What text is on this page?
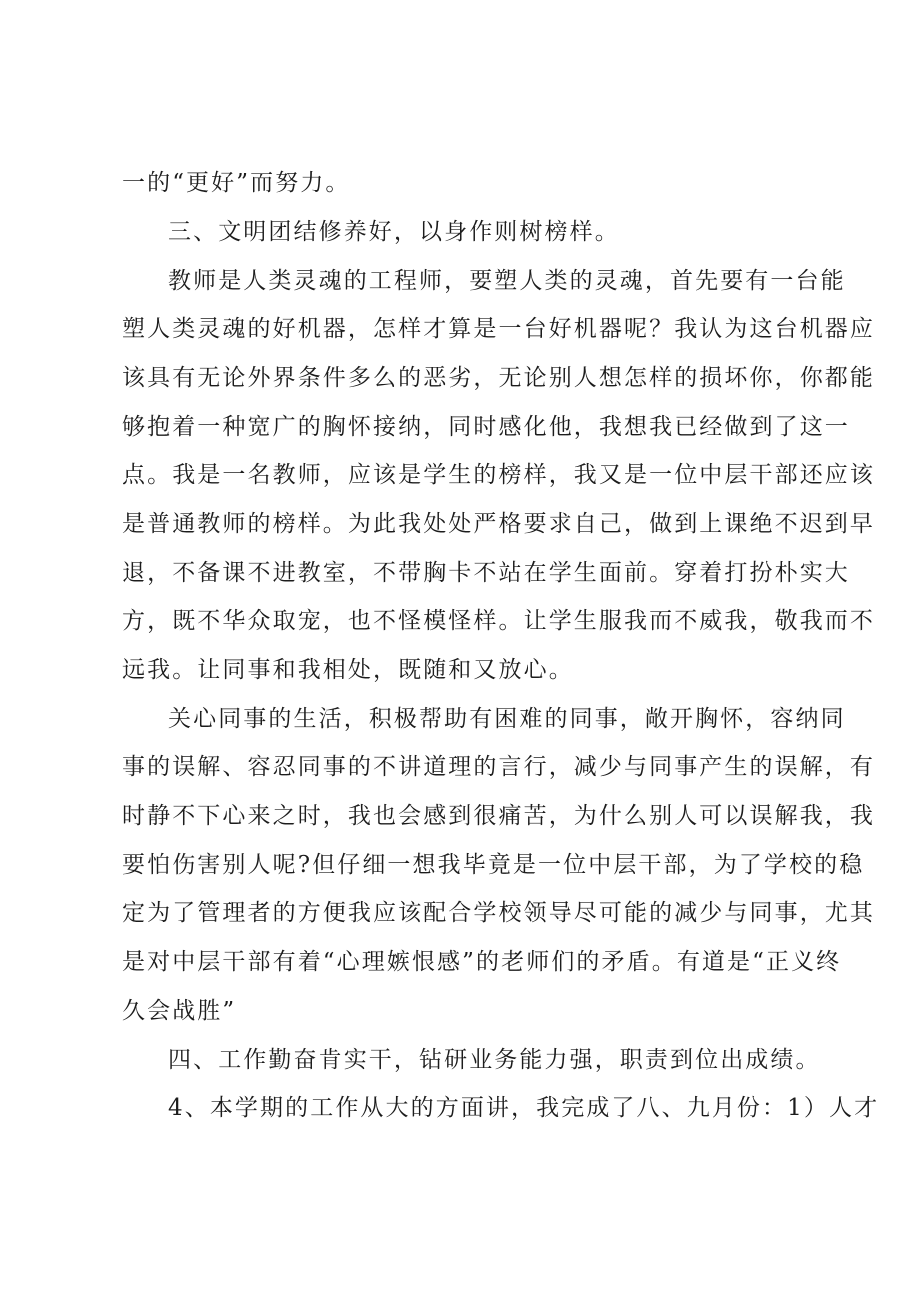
一的“更好”而努力。

三、文明团结修养好，以身作则树榜样。

教师是人类灵魂的工程师，要塑人类的灵魂，首先要有一台能

塑人类灵魂的好机器，怎样才算是一台好机器呢？我认为这台机器应

该具有无论外界条件多么的恶劣，无论别人想怎样的损坏你，你都能

够抱着一种宽广的胸怀接纳，同时感化他，我想我已经做到了这一

点。我是一名教师，应该是学生的榜样，我又是一位中层干部还应该

是普通教师的榜样。为此我处处严格要求自己，做到上课绝不迟到早

退，不备课不进教室，不带胸卡不站在学生面前。穿着打扮朴实大

方，既不华众取宠，也不怪模怪样。让学生服我而不威我，敬我而不

远我。让同事和我相处，既随和又放心。

关心同事的生活，积极帮助有困难的同事，敞开胸怀，容纳同

事的误解、容忍同事的不讲道理的言行，减少与同事产生的误解，有

时静不下心来之时，我也会感到很痛苦，为什么别人可以误解我，我

要怕伤害别人呢?但仔细一想我毕竟是一位中层干部，为了学校的稳

定为了管理者的方便我应该配合学校领导尽可能的减少与同事，尤其

是对中层干部有着“心理嫉恨感”的老师们的矛盾。有道是“正义终

久会战胜”

四、工作勤奋肯实干，钻研业务能力强，职责到位出成绩。

4、本学期的工作从大的方面讲，我完成了八、九月份：1）人才
